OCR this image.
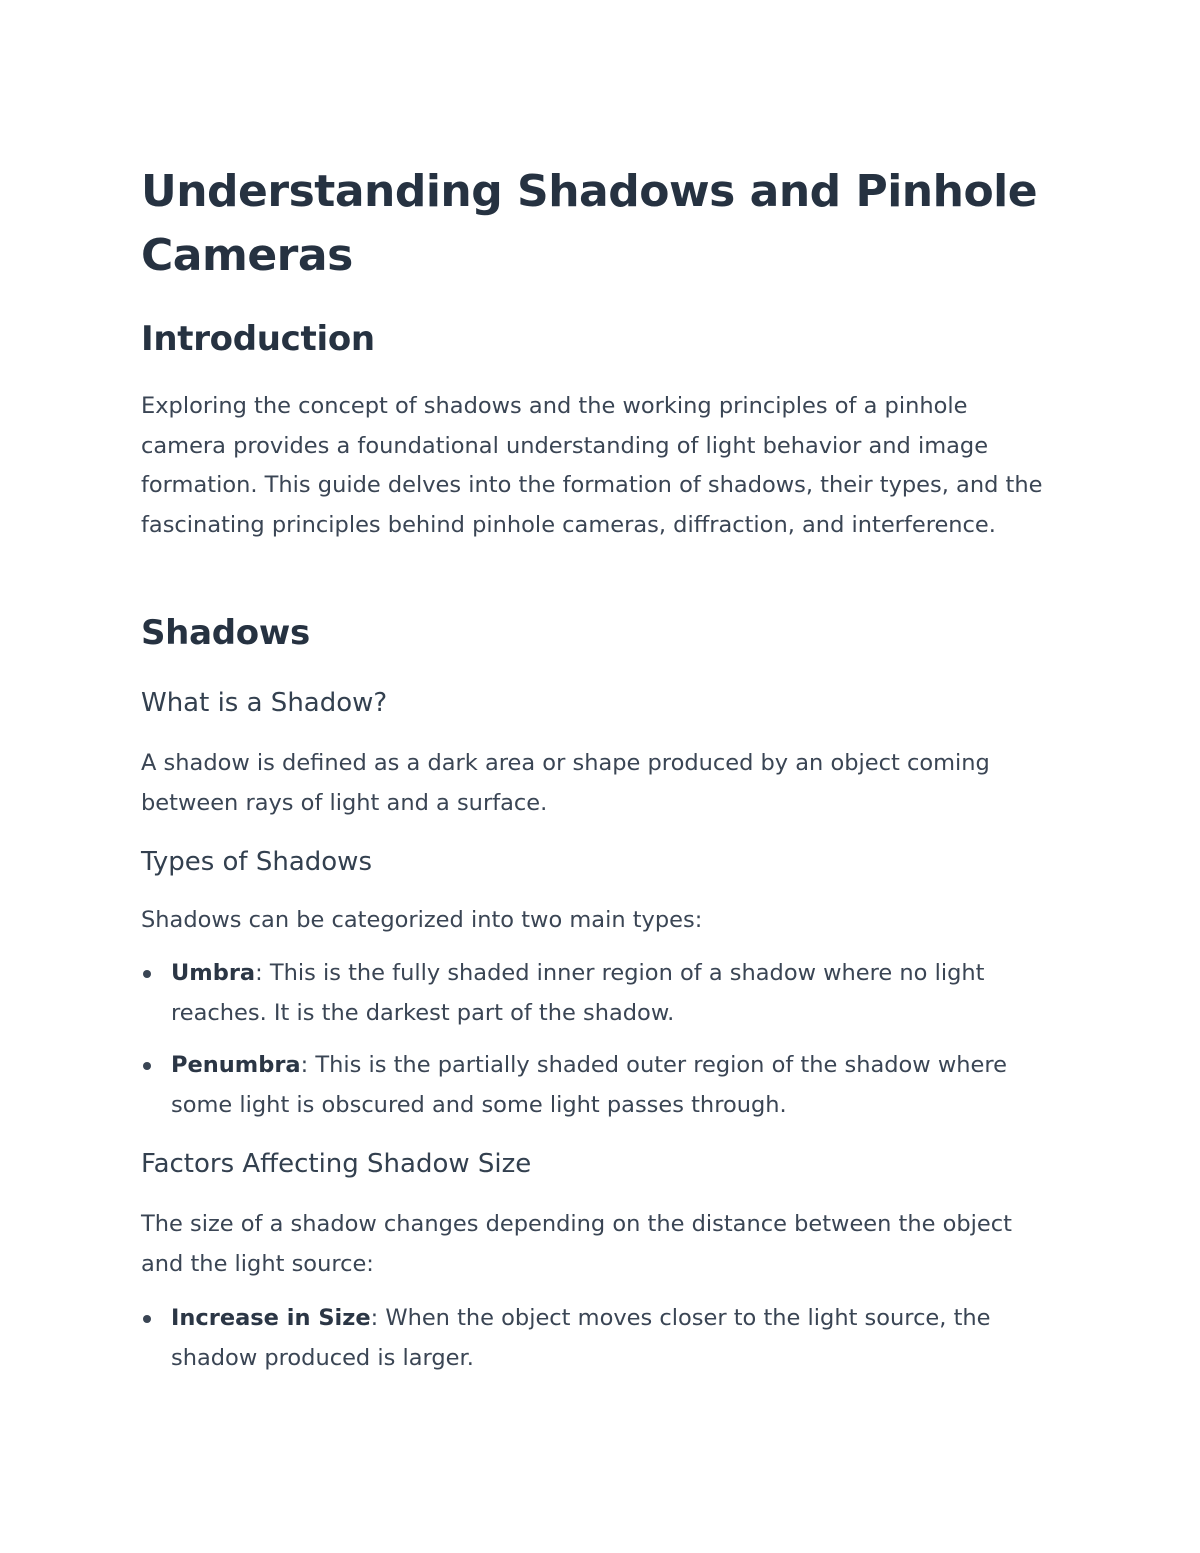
Understanding Shadows and Pinhole Cameras
Introduction

Exploring the concept of shadows and the working principles of a pinhole camera provides a foundational understanding of light behavior and image formation. This guide delves into the formation of shadows, their types, and the fascinating principles behind pinhole cameras, diffraction, and interference.

Shadows
What is a Shadow?

A shadow is defined as a dark area or shape produced by an object coming between rays of light and a surface.

Types of Shadows

Shadows can be categorized into two main types:

Umbra: This is the fully shaded inner region of a shadow where no light reaches. It is the darkest part of the shadow.
Penumbra: This is the partially shaded outer region of the shadow where some light is obscured and some light passes through.
Factors Affecting Shadow Size

The size of a shadow changes depending on the distance between the object and the light source:

Increase in Size: When the object moves closer to the light source, the shadow produced is larger.
